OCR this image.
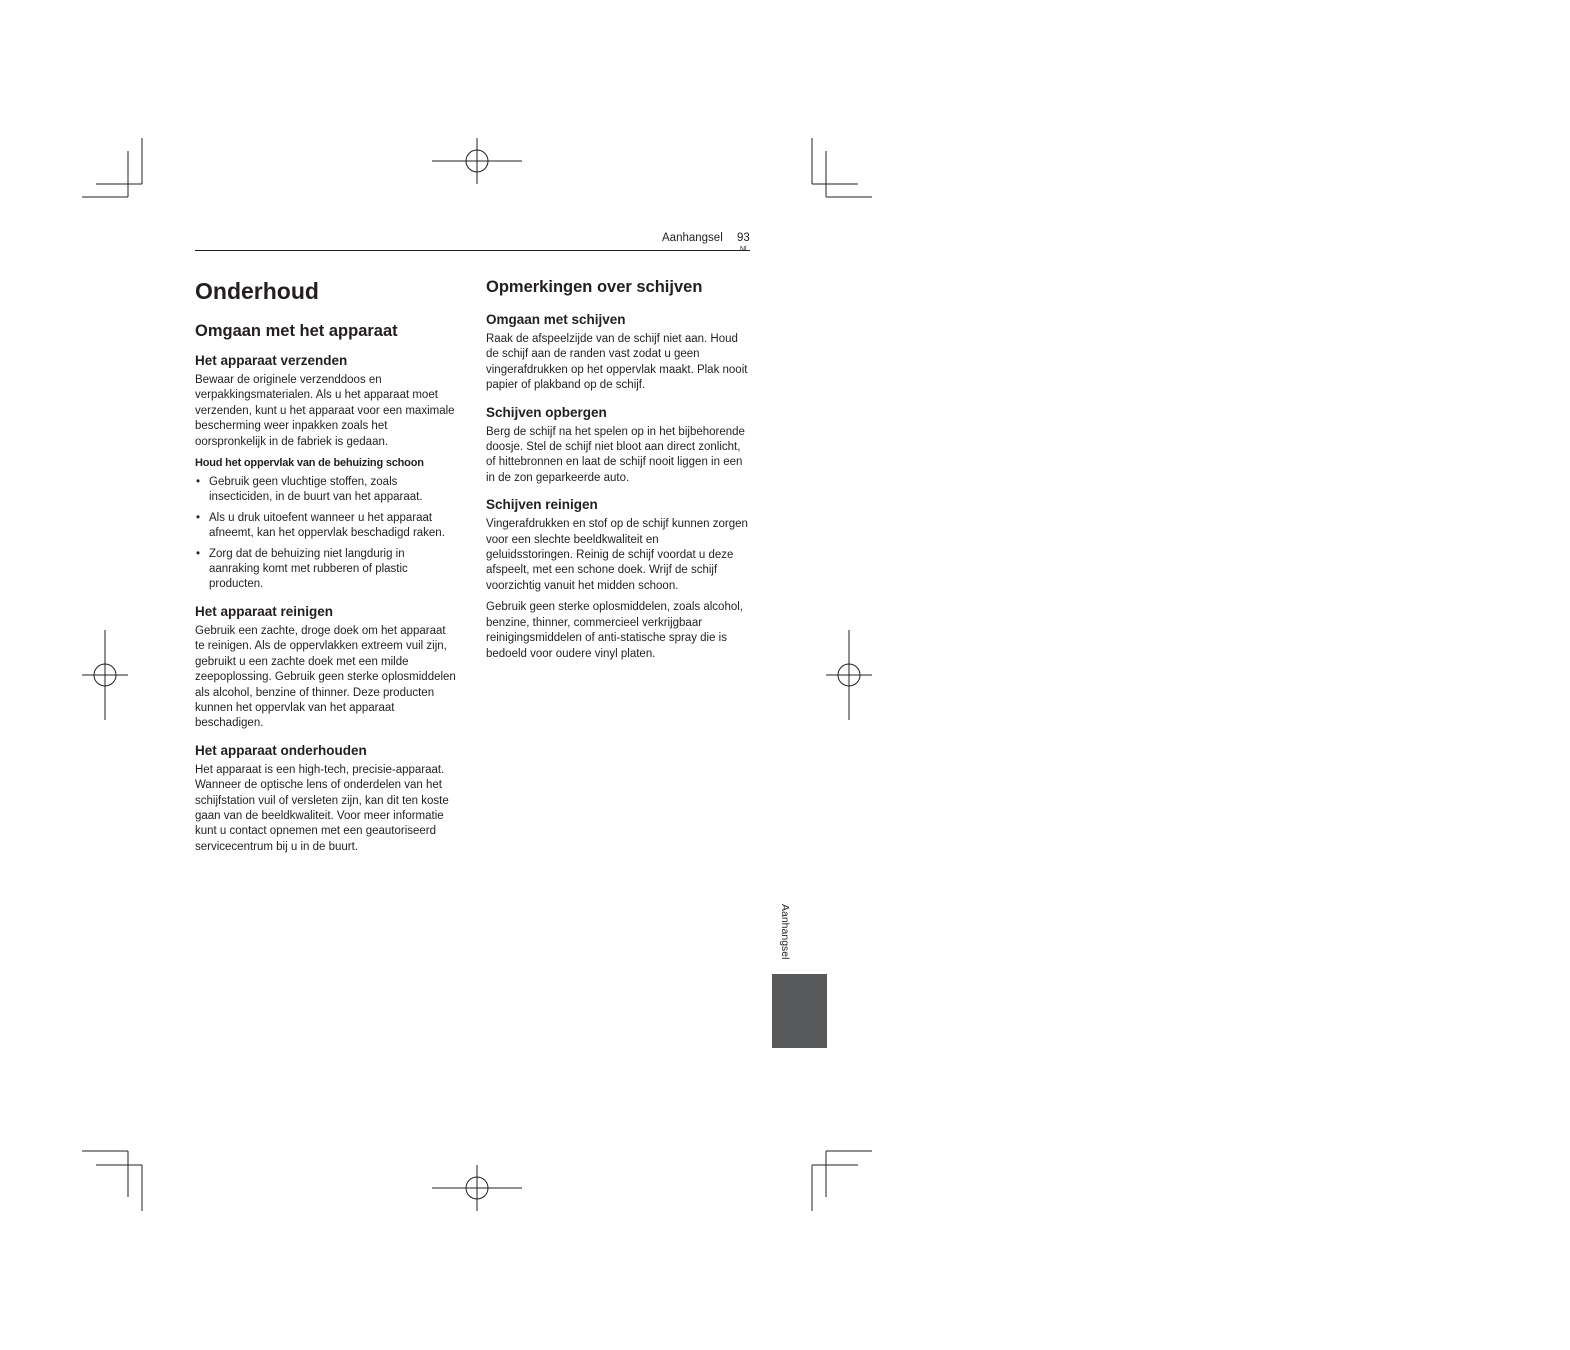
Aanhangsel 93
Nl
Onderhoud
Omgaan met het apparaat
Het apparaat verzenden

Bewaar de originele verzenddoos en verpakkingsmaterialen. Als u het apparaat moet verzenden, kunt u het apparaat voor een maximale bescherming weer inpakken zoals het oorspronkelijk in de fabriek is gedaan.

Houd het oppervlak van de behuizing schoon
• Gebruik geen vluchtige stoffen, zoals insecticiden, in de buurt van het apparaat.
• Als u druk uitoefent wanneer u het apparaat afneemt, kan het oppervlak beschadigd raken.
• Zorg dat de behuizing niet langdurig in aanraking komt met rubberen of plastic producten.
Het apparaat reinigen

Gebruik een zachte, droge doek om het apparaat te reinigen. Als de oppervlakken extreem vuil zijn, gebruikt u een zachte doek met een milde zeepoplossing. Gebruik geen sterke oplosmiddelen als alcohol, benzine of thinner. Deze producten kunnen het oppervlak van het apparaat beschadigen.

Het apparaat onderhouden

Het apparaat is een high-tech, precisie-apparaat. Wanneer de optische lens of onderdelen van het schijfstation vuil of versleten zijn, kan dit ten koste gaan van de beeldkwaliteit. Voor meer informatie kunt u contact opnemen met een geautoriseerd servicecentrum bij u in de buurt.

Opmerkingen over schijven
Omgaan met schijven

Raak de afspeelzijde van de schijf niet aan. Houd de schijf aan de randen vast zodat u geen vingerafdrukken op het oppervlak maakt. Plak nooit papier of plakband op de schijf.

Schijven opbergen

Berg de schijf na het spelen op in het bijbehorende doosje. Stel de schijf niet bloot aan direct zonlicht, of hittebronnen en laat de schijf nooit liggen in een in de zon geparkeerde auto.

Schijven reinigen

Vingerafdrukken en stof op de schijf kunnen zorgen voor een slechte beeldkwaliteit en geluidsstoringen. Reinig de schijf voordat u deze afspeelt, met een schone doek. Wrijf de schijf voorzichtig vanuit het midden schoon.

Gebruik geen sterke oplosmiddelen, zoals alcohol, benzine, thinner, commercieel verkrijgbaar reinigingsmiddelen of anti-statische spray die is bedoeld voor oudere vinyl platen.

Aanhangsel
10
